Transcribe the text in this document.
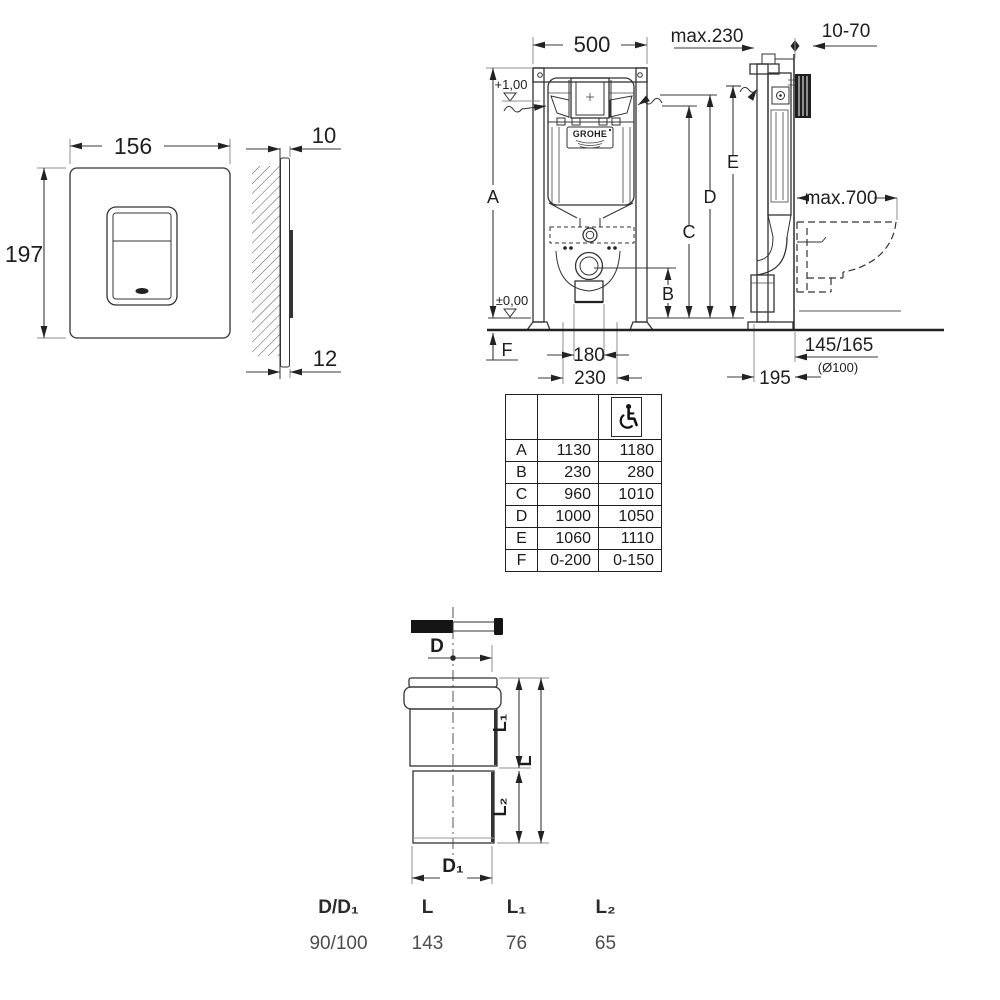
156
197
10
12
GROHE
+1,00
±0,00
500
A
F
B
C
D
E
max.230
180
230
10-70
max.700
145/165
(Ø100)
195
D
L₁
L₂
L
D₁

A	1130	1180
B	230	280
C	960	1010
D	1000	1050
E	1060	1110
F	0-200	0-150
D/D₁	L	L₁	L₂
90/100	143	76	65
